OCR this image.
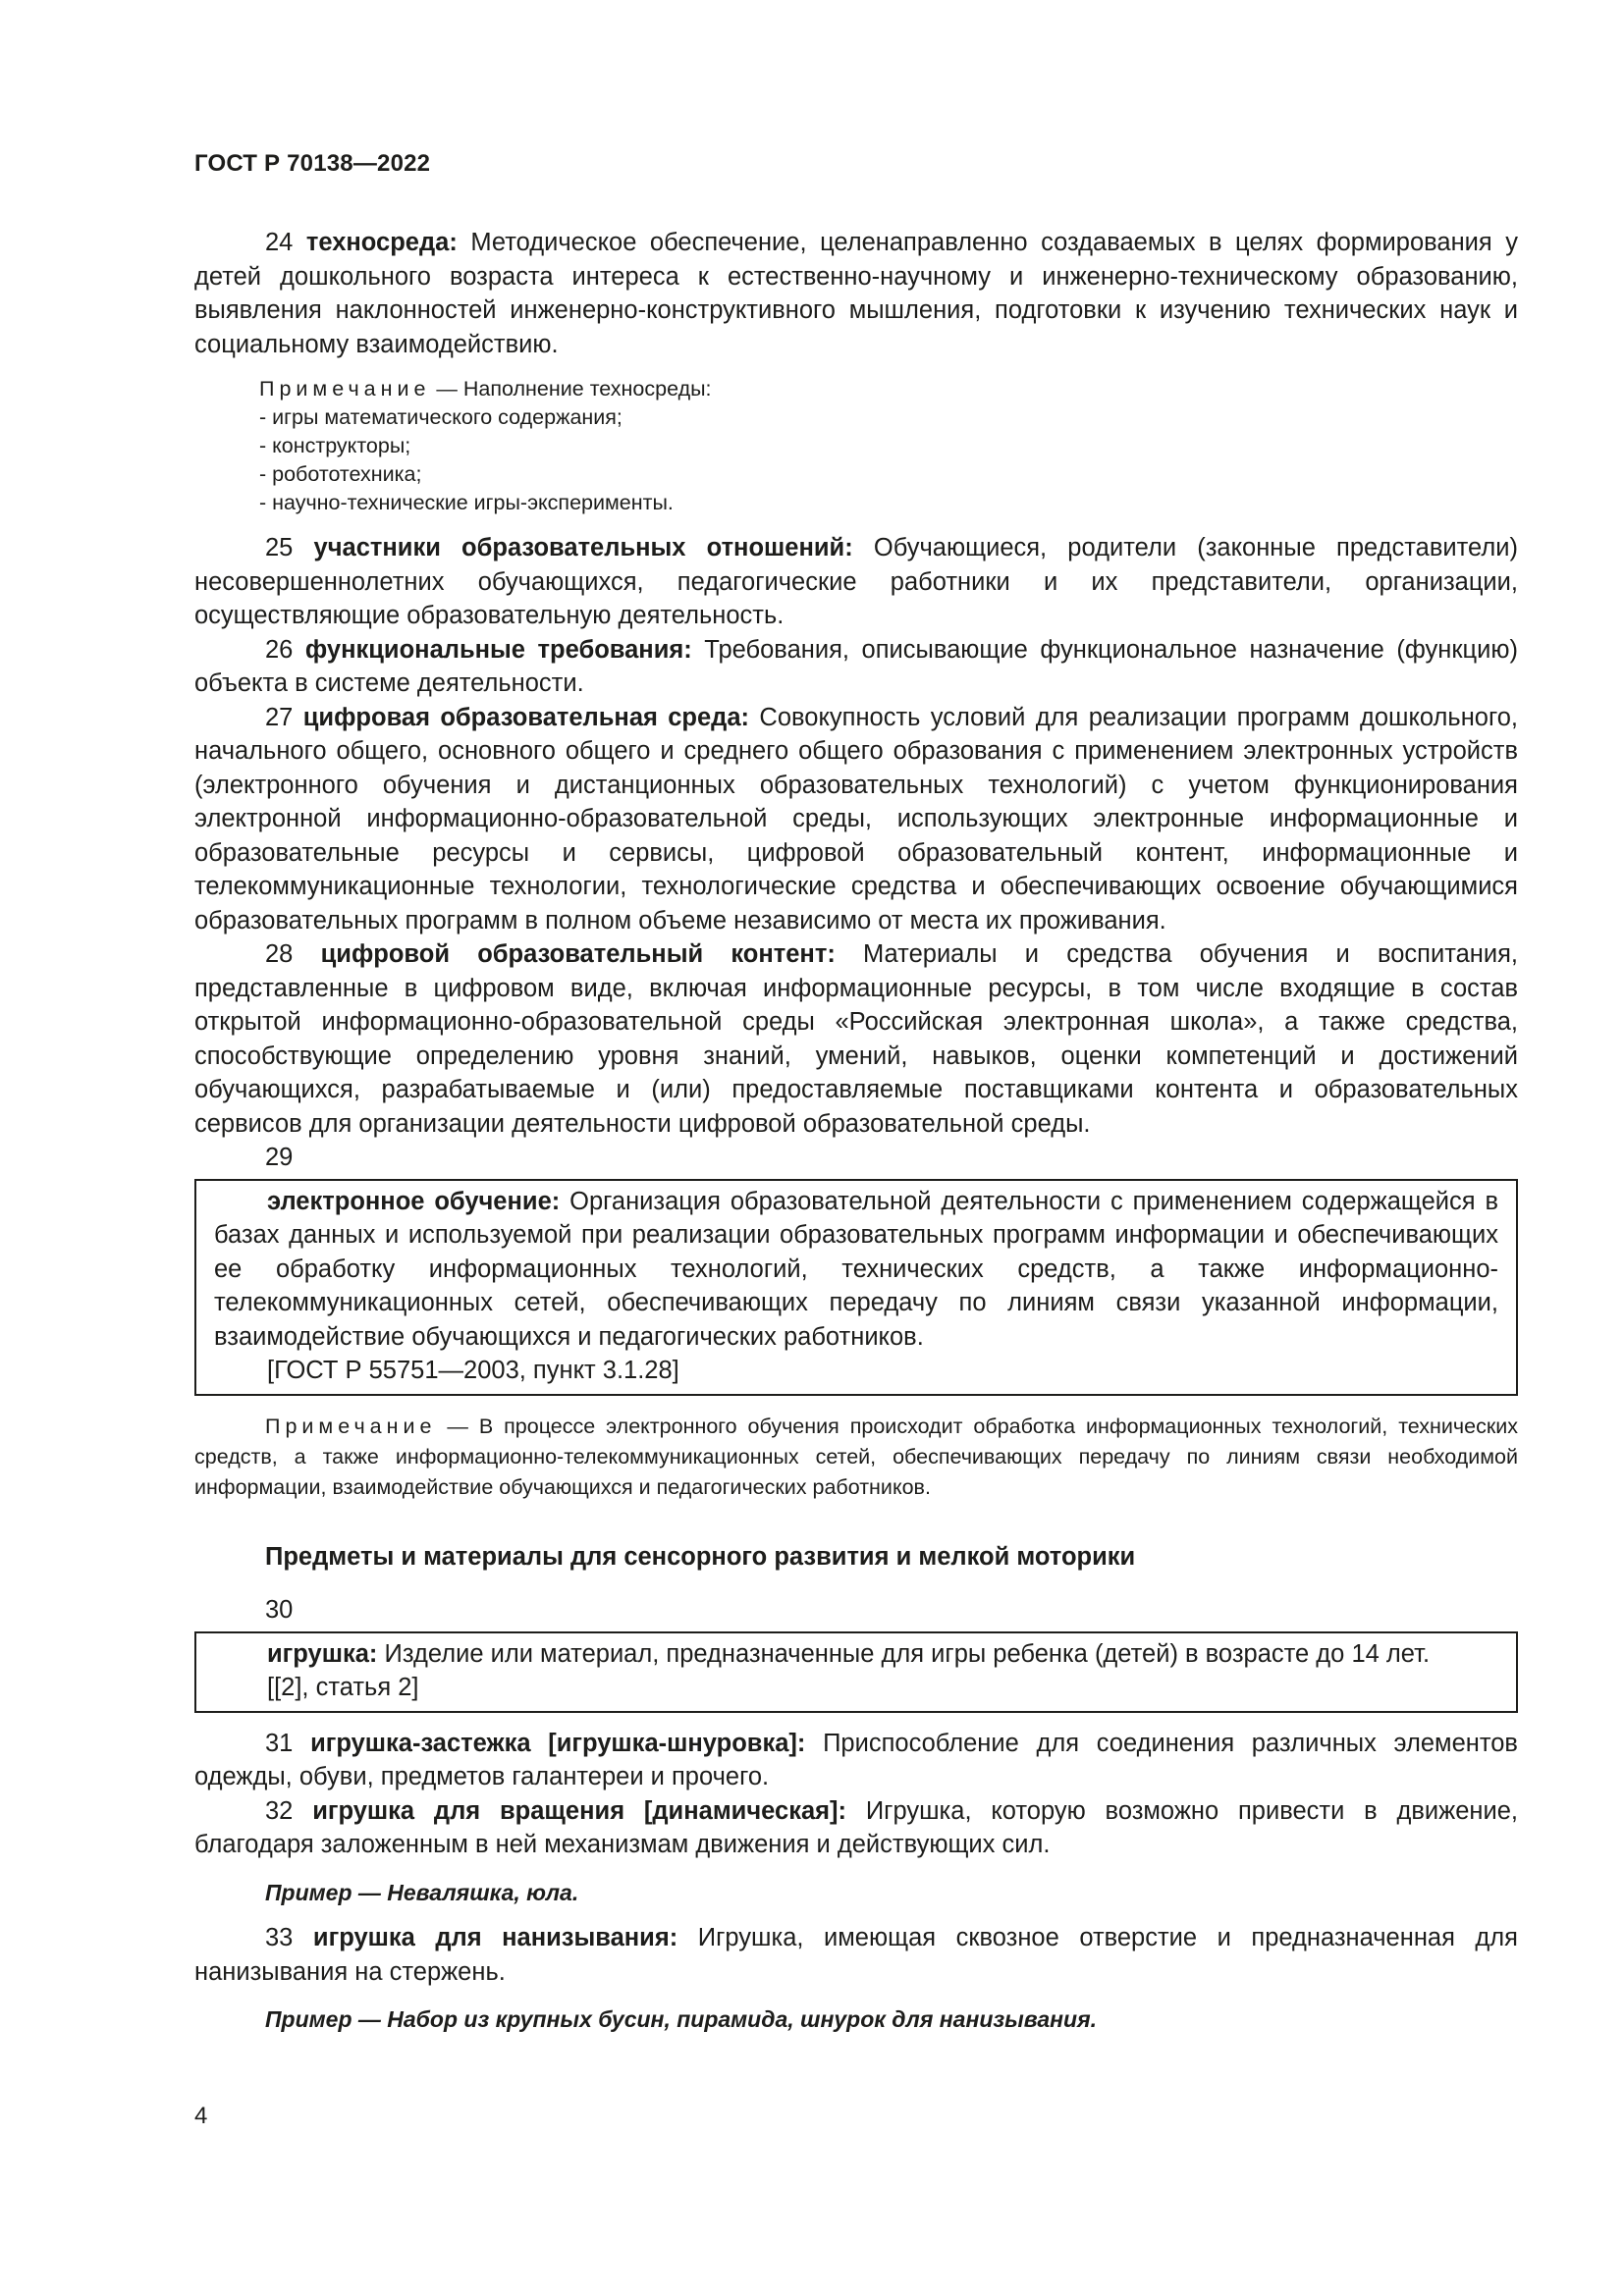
ГОСТ Р 70138—2022

24 техносреда: Методическое обеспечение, целенаправленно создаваемых в целях формирования у детей дошкольного возраста интереса к естественно-научному и инженерно-техническому образованию, выявления наклонностей инженерно-конструктивного мышления, подготовки к изучению технических наук и социальному взаимодействию.

Примечание — Наполнение техносреды:
- игры математического содержания;
- конструкторы;
- робототехника;
- научно-технические игры-эксперименты.

25 участники образовательных отношений: Обучающиеся, родители (законные представители) несовершеннолетних обучающихся, педагогические работники и их представители, организации, осуществляющие образовательную деятельность.

26 функциональные требования: Требования, описывающие функциональное назначение (функцию) объекта в системе деятельности.

27 цифровая образовательная среда: Совокупность условий для реализации программ дошкольного, начального общего, основного общего и среднего общего образования с применением электронных устройств (электронного обучения и дистанционных образовательных технологий) с учетом функционирования электронной информационно-образовательной среды, использующих электронные информационные и образовательные ресурсы и сервисы, цифровой образовательный контент, информационные и телекоммуникационные технологии, технологические средства и обеспечивающих освоение обучающимися образовательных программ в полном объеме независимо от места их проживания.

28 цифровой образовательный контент: Материалы и средства обучения и воспитания, представленные в цифровом виде, включая информационные ресурсы, в том числе входящие в состав открытой информационно-образовательной среды «Российская электронная школа», а также средства, способствующие определению уровня знаний, умений, навыков, оценки компетенций и достижений обучающихся, разрабатываемые и (или) предоставляемые поставщиками контента и образовательных сервисов для организации деятельности цифровой образовательной среды.

29

электронное обучение: Организация образовательной деятельности с применением содержащейся в базах данных и используемой при реализации образовательных программ информации и обеспечивающих ее обработку информационных технологий, технических средств, а также информационно-телекоммуникационных сетей, обеспечивающих передачу по линиям связи указанной информации, взаимодействие обучающихся и педагогических работников.

[ГОСТ Р 55751—2003, пункт 3.1.28]

Примечание — В процессе электронного обучения происходит обработка информационных технологий, технических средств, а также информационно-телекоммуникационных сетей, обеспечивающих передачу по линиям связи необходимой информации, взаимодействие обучающихся и педагогических работников.
Предметы и материалы для сенсорного развития и мелкой моторики

30

игрушка: Изделие или материал, предназначенные для игры ребенка (детей) в возрасте до 14 лет.

[[2], статья 2]

31 игрушка-застежка [игрушка-шнуровка]: Приспособление для соединения различных элементов одежды, обуви, предметов галантереи и прочего.

32 игрушка для вращения [динамическая]: Игрушка, которую возможно привести в движение, благодаря заложенным в ней механизмам движения и действующих сил.

Пример — Неваляшка, юла.

33 игрушка для нанизывания: Игрушка, имеющая сквозное отверстие и предназначенная для нанизывания на стержень.

Пример — Набор из крупных бусин, пирамида, шнурок для нанизывания.
4
